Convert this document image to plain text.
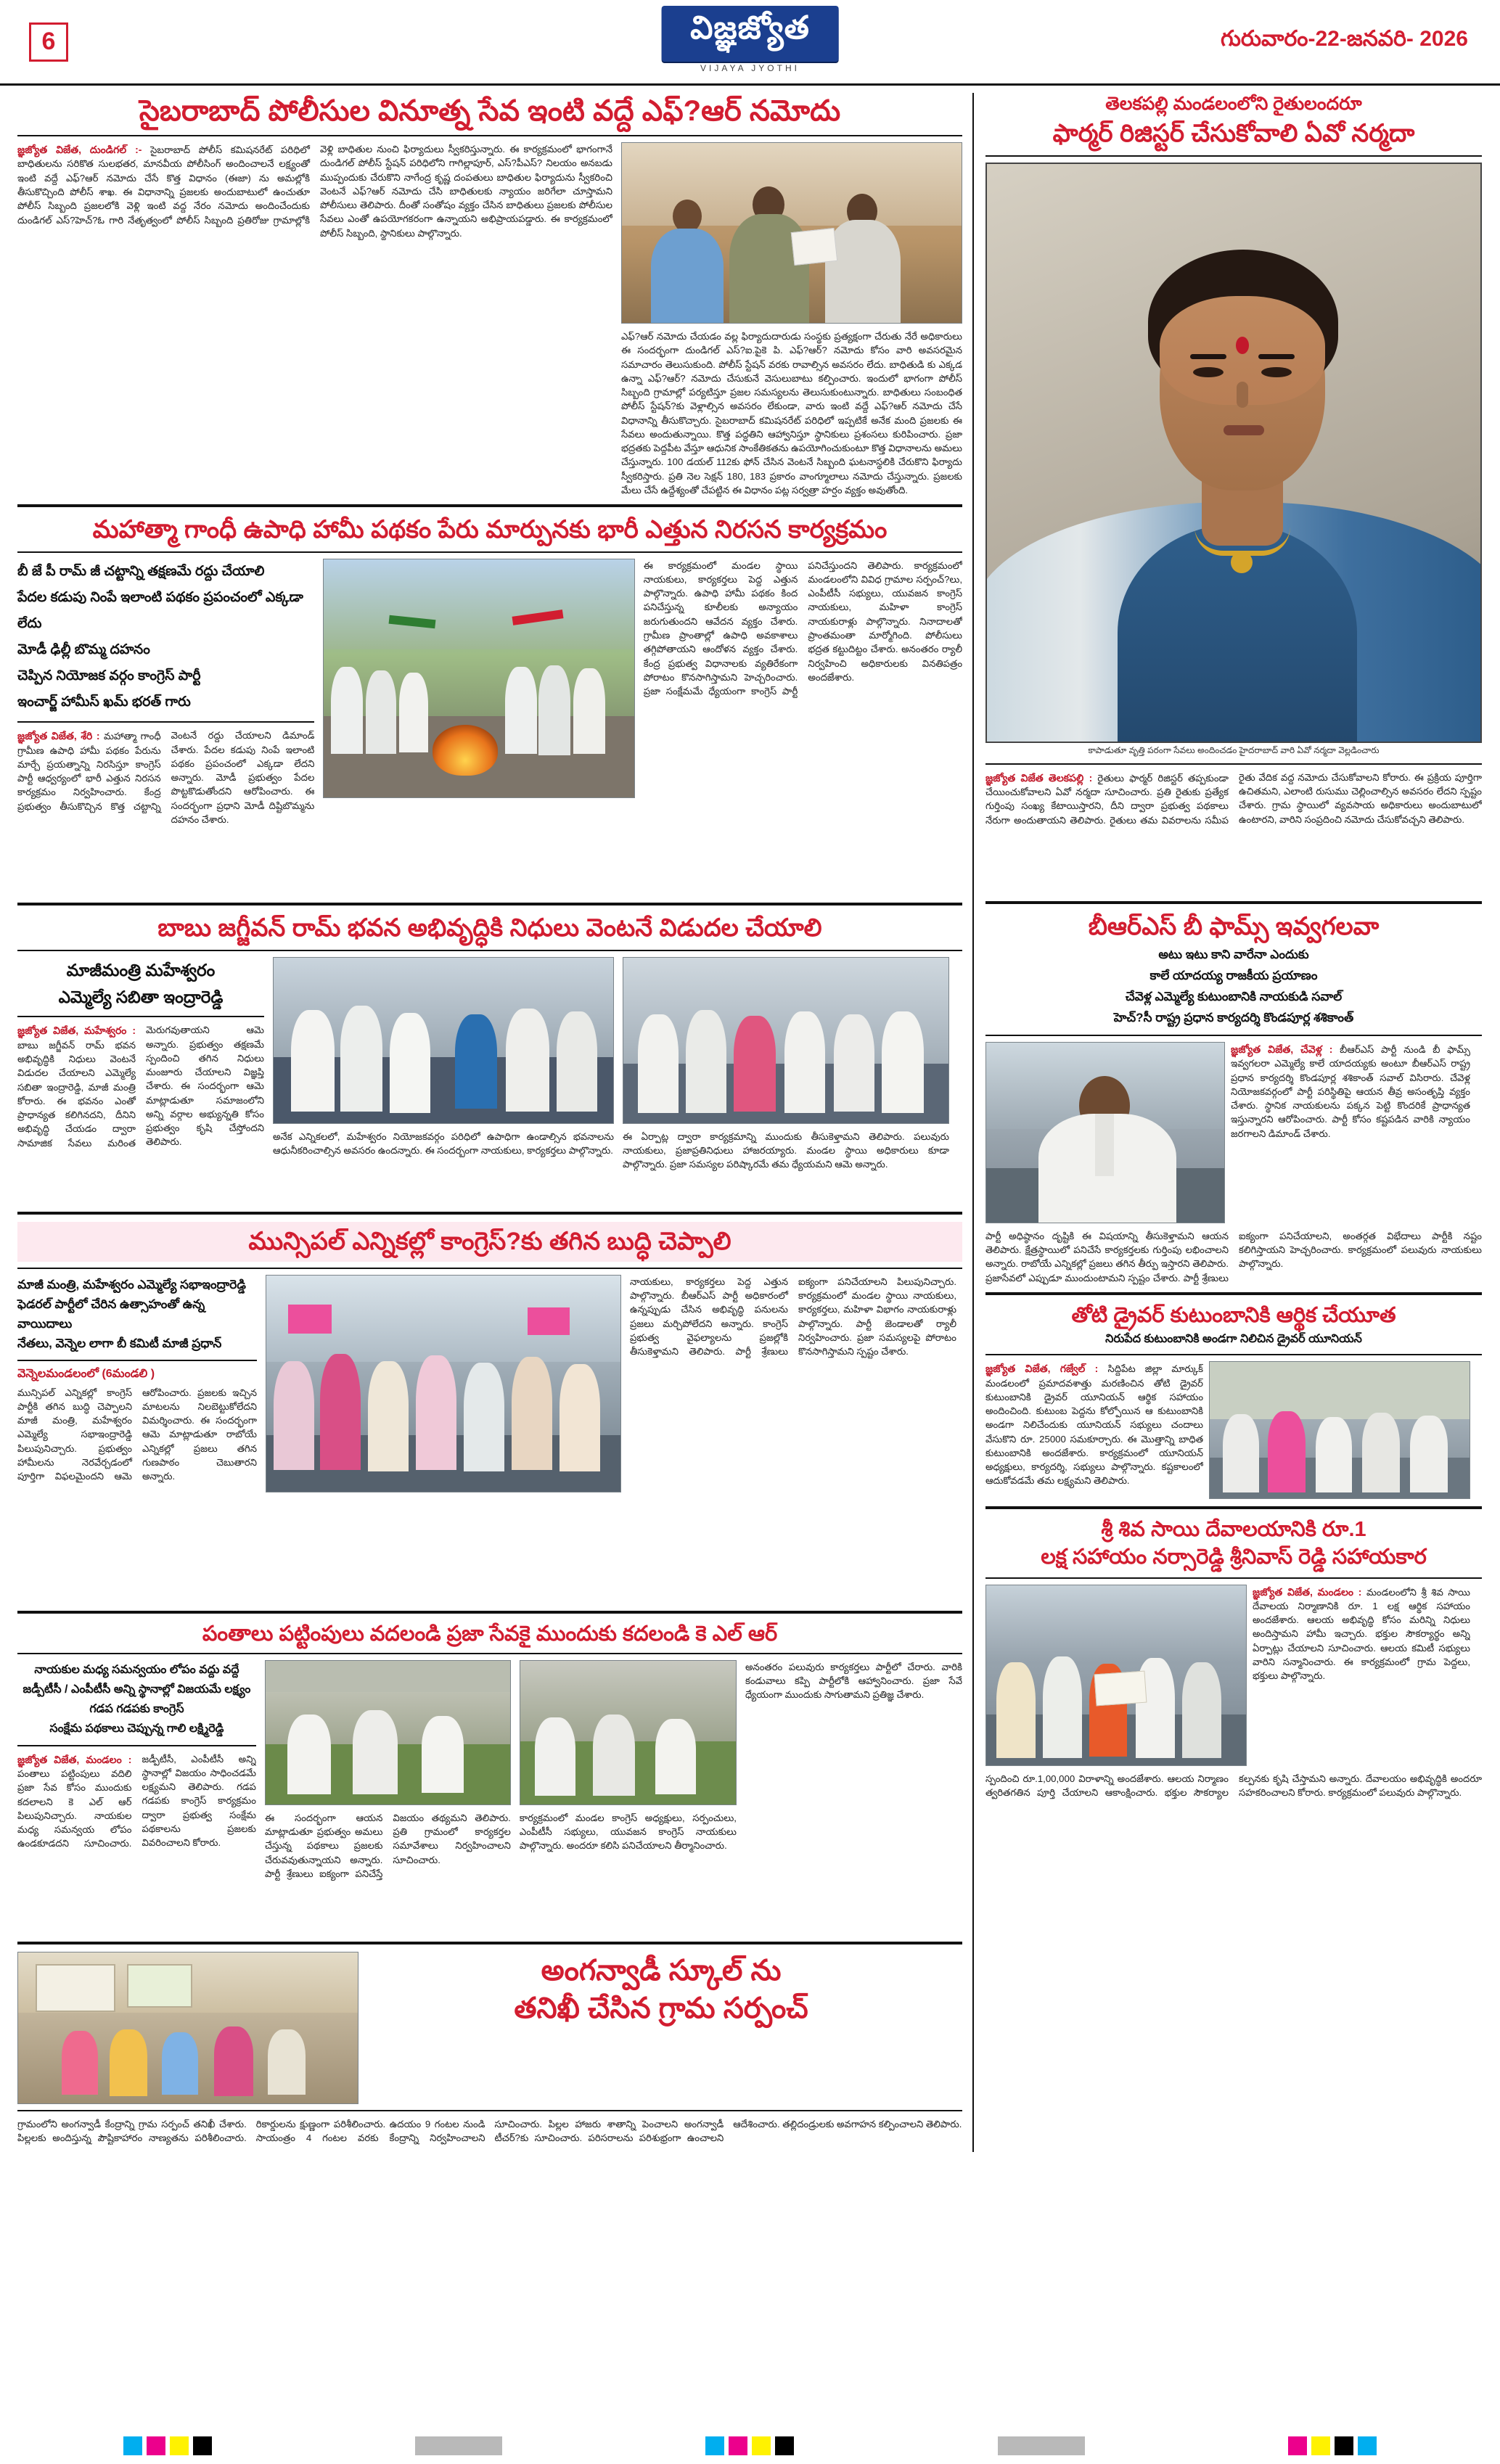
6	విజ్ఞజ్యోత
VIJAYA JYOTHI
గురువారం-22-జనవరి- 2026
సైబరాబాద్ పోలీసుల వినూత్న సేవ ఇంటి వద్దే ఎఫ్?ఆర్ నమోదు
జ్ఞజ్యోత విజేత, దుండిగల్ :- సైబరాబాద్ పోలీస్ కమిషనరేట్ పరిధిలో బాధితులను సరికొత సులభతర, మానవీయ పోలీసింగ్ అందించాలనే లక్ష్యంతో ఇంటి వద్దే ఎఫ్?ఆర్ నమోదు చేసే కొత్త విధానం (ఈజా) ను అమల్లోకి తీసుకొచ్చింది పోలీస్ శాఖ. ఈ విధానాన్ని ప్రజలకు అందుబాటులో ఉంచుతూ పోలీస్ సిబ్బంది ప్రజలలోకి వెళ్లి ఇంటి వద్ద నేరం నమోదు అందించేందుకు దుండిగల్ ఎస్?హెచ్?ఓ గారి నేతృత్వంలో పోలీస్ సిబ్బంది ప్రతిరోజు గ్రామాల్లోకి వెళ్లి బాధితుల నుంచి ఫిర్యాదులు స్వీకరిస్తున్నారు. ఈ కార్యక్రమంలో భాగంగానే దుండిగల్ పోలీస్ స్టేషన్ పరిధిలోని గాగిల్లాపూర్, ఎస్?పీఎస్? నిలయం అనబడు ముప్పందుకు చేరుకొని నాగేంద్ర కృష్ణ దంపతులు బాధితుల ఫిర్యాదును స్వీకరించి వెంటనే ఎఫ్?ఆర్ నమోదు చేసి బాధితులకు న్యాయం జరిగేలా చూస్తామని పోలీసులు తెలిపారు. దీంతో సంతోషం వ్యక్తం చేసిన బాధితులు ప్రజలకు పోలీసుల సేవలు ఎంతో ఉపయోగకరంగా ఉన్నాయని అభిప్రాయపడ్డారు. ఈ కార్యక్రమంలో పోలీస్ సిబ్బంది, స్థానికులు పాల్గొన్నారు.
ఎఫ్?ఆర్ నమోదు చేయడం వల్ల ఫిర్యాదుదారుడు సంస్థకు ప్రత్యక్షంగా చేరుతు నేరే అధికారులు ఈ సందర్భంగా దుండిగల్ ఎస్?ఐ.పైకె పి. ఎఫ్?ఆర్? నమోదు కోసం వారి అవసరమైన సమాచారం తెలుసుకుంది. పోలీస్ స్టేషన్ వరకు రావాల్సిన అవసరం లేదు. బాధితుడి కు ఎక్కడ ఉన్నా ఎఫ్?ఆర్? నమోదు చేసుకునే వెసులుబాటు కల్పించారు. ఇందులో భాగంగా పోలీస్ సిబ్బంది గ్రామాల్లో పర్యటిస్తూ ప్రజల సమస్యలను తెలుసుకుంటున్నారు. బాధితులు సంబంధిత పోలీస్ స్టేషన్?కు వెళ్లాల్సిన అవసరం లేకుండా, వారు ఇంటి వద్దే ఎఫ్?ఆర్ నమోదు చేసే విధానాన్ని తీసుకొచ్చారు. సైబరాబాద్ కమిషనరేట్ పరిధిలో ఇప్పటికే అనేక మంది ప్రజలకు ఈ సేవలు అందుతున్నాయి. కొత్త పద్ధతిని ఆహ్వానిస్తూ స్థానికులు ప్రశంసలు కురిపించారు. ప్రజా భద్రతకు పెద్దపీట వేస్తూ ఆధునిక సాంకేతికతను ఉపయోగించుకుంటూ కొత్త విధానాలను అమలు చేస్తున్నారు. 100 డయల్ 112కు ఫోన్ చేసిన వెంటనే సిబ్బంది ఘటనాస్థలికి చేరుకొని ఫిర్యాదు స్వీకరిస్తారు. ప్రతి నెల సెక్షన్ 180, 183 ప్రకారం వాంగ్మూలాలు నమోదు చేస్తున్నారు. ప్రజలకు మేలు చేసే ఉద్దేశ్యంతో చేపట్టిన ఈ విధానం పట్ల సర్వత్రా హర్షం వ్యక్తం అవుతోంది.
మహాత్మా గాంధీ ఉపాధి హామీ పథకం పేరు మార్పునకు భారీ ఎత్తున నిరసన కార్యక్రమం
బీ జే పీ రామ్ జీ చట్టాన్ని తక్షణమే రద్దు చేయాలి
పేదల కడుపు నింపే ఇలాంటి పథకం ప్రపంచంలో ఎక్కడా లేదు
మోడీ ఢిల్లీ బొమ్మ దహనం
చెప్పిన నియోజక వర్గం కాంగ్రెస్ పార్టీ
ఇంచార్జ్ హామీస్ ఖమ్ భరత్ గారు
జ్ఞజ్యోత విజేత, శేరి : మహాత్మా గాంధీ గ్రామీణ ఉపాధి హామీ పథకం పేరును మార్చే ప్రయత్నాన్ని నిరసిస్తూ కాంగ్రెస్ పార్టీ ఆధ్వర్యంలో భారీ ఎత్తున నిరసన కార్యక్రమం నిర్వహించారు. కేంద్ర ప్రభుత్వం తీసుకొచ్చిన కొత్త చట్టాన్ని వెంటనే రద్దు చేయాలని డిమాండ్ చేశారు. పేదల కడుపు నింపే ఇలాంటి పథకం ప్రపంచంలో ఎక్కడా లేదని అన్నారు. మోడీ ప్రభుత్వం పేదల పొట్టకొడుతోందని ఆరోపించారు. ఈ సందర్భంగా ప్రధాని మోడీ దిష్టిబొమ్మను దహనం చేశారు.
ఈ కార్యక్రమంలో మండల స్థాయి నాయకులు, కార్యకర్తలు పెద్ద ఎత్తున పాల్గొన్నారు. ఉపాధి హామీ పథకం కింద పనిచేస్తున్న కూలీలకు అన్యాయం జరుగుతుందని ఆవేదన వ్యక్తం చేశారు. గ్రామీణ ప్రాంతాల్లో ఉపాధి అవకాశాలు తగ్గిపోతాయని ఆందోళన వ్యక్తం చేశారు. కేంద్ర ప్రభుత్వ విధానాలకు వ్యతిరేకంగా పోరాటం కొనసాగిస్తామని హెచ్చరించారు. ప్రజా సంక్షేమమే ధ్యేయంగా కాంగ్రెస్ పార్టీ పనిచేస్తుందని తెలిపారు. కార్యక్రమంలో మండలంలోని వివిధ గ్రామాల సర్పంచ్?లు, ఎంపీటీసీ సభ్యులు, యువజన కాంగ్రెస్ నాయకులు, మహిళా కాంగ్రెస్ నాయకురాళ్లు పాల్గొన్నారు. నినాదాలతో ప్రాంతమంతా మార్మోగింది. పోలీసులు భద్రత కట్టుదిట్టం చేశారు. అనంతరం ర్యాలీ నిర్వహించి అధికారులకు వినతిపత్రం అందజేశారు.
బాబు జగ్జీవన్ రామ్ భవన అభివృద్ధికి నిధులు వెంటనే విడుదల చేయాలి
మాజీమంత్రి మహేశ్వరం
ఎమ్మెల్యే సబితా ఇంద్రారెడ్డి
జ్ఞజ్యోత విజేత, మహేశ్వరం : బాబు జగ్జీవన్ రామ్ భవన అభివృద్ధికి నిధులు వెంటనే విడుదల చేయాలని ఎమ్మెల్యే సబితా ఇంద్రారెడ్డి, మాజీ మంత్రి కోరారు. ఈ భవనం ఎంతో ప్రాధాన్యత కలిగినదని, దీనిని అభివృద్ధి చేయడం ద్వారా సామాజిక సేవలు మరింత మెరుగవుతాయని ఆమె అన్నారు. ప్రభుత్వం తక్షణమే స్పందించి తగిన నిధులు మంజూరు చేయాలని విజ్ఞప్తి చేశారు. ఈ సందర్భంగా ఆమె మాట్లాడుతూ సమాజంలోని అన్ని వర్గాల అభ్యున్నతి కోసం ప్రభుత్వం కృషి చేస్తోందని తెలిపారు.
అనేక ఎన్నికలలో, మహేశ్వరం నియోజకవర్గం పరిధిలో ఉపాధిగా ఉండాల్సిన భవనాలను ఆధునీకరించాల్సిన అవసరం ఉందన్నారు. ఈ సందర్భంగా నాయకులు, కార్యకర్తలు పాల్గొన్నారు.
ఈ ఏర్పాట్ల ద్వారా కార్యక్రమాన్ని ముందుకు తీసుకెళ్తామని తెలిపారు. పలువురు నాయకులు, ప్రజాప్రతినిధులు హాజరయ్యారు. మండల స్థాయి అధికారులు కూడా పాల్గొన్నారు. ప్రజా సమస్యల పరిష్కారమే తమ ధ్యేయమని ఆమె అన్నారు.
మున్సిపల్ ఎన్నికల్లో కాంగ్రెస్?కు తగిన బుద్ధి చెప్పాలి
మాజీ మంత్రి, మహేశ్వరం ఎమ్మెల్యే సభాఇంద్రారెడ్డి
ఫెడరల్ పార్టీలో చేరిన ఉత్సాహంతో ఉన్న వాయిదాలు
నేతలు, వెన్నెల లాగా బీ కమిటీ మాజీ ప్రధాన్
వెన్నెలమండలంలో (6మండలి )
మున్సిపల్ ఎన్నికల్లో కాంగ్రెస్ పార్టీకి తగిన బుద్ధి చెప్పాలని మాజీ మంత్రి, మహేశ్వరం ఎమ్మెల్యే సభాఇంద్రారెడ్డి పిలుపునిచ్చారు. ప్రభుత్వం హామీలను నెరవేర్చడంలో పూర్తిగా విఫలమైందని ఆమె ఆరోపించారు. ప్రజలకు ఇచ్చిన మాటలను నిలబెట్టుకోలేదని విమర్శించారు. ఈ సందర్భంగా ఆమె మాట్లాడుతూ రాబోయే ఎన్నికల్లో ప్రజలు తగిన గుణపాఠం చెబుతారని అన్నారు.
నాయకులు, కార్యకర్తలు పెద్ద ఎత్తున పాల్గొన్నారు. బీఆర్ఎస్ పార్టీ అధికారంలో ఉన్నప్పుడు చేసిన అభివృద్ధి పనులను ప్రజలు మర్చిపోలేదని అన్నారు. కాంగ్రెస్ ప్రభుత్వ వైఫల్యాలను ప్రజల్లోకి తీసుకెళ్తామని తెలిపారు. పార్టీ శ్రేణులు ఐక్యంగా పనిచేయాలని పిలుపునిచ్చారు. కార్యక్రమంలో మండల స్థాయి నాయకులు, కార్యకర్తలు, మహిళా విభాగం నాయకురాళ్లు పాల్గొన్నారు. పార్టీ జెండాలతో ర్యాలీ నిర్వహించారు. ప్రజా సమస్యలపై పోరాటం కొనసాగిస్తామని స్పష్టం చేశారు.
పంతాలు పట్టింపులు వదలండి ప్రజా సేవకై ముందుకు కదలండి కె ఎల్ ఆర్
నాయకుల మధ్య సమన్వయం లోపం వద్దు వద్దే
జడ్పీటీసీ / ఎంపీటీసీ అన్ని స్థానాల్లో విజయమే లక్ష్యం
గడప గడపకు కాంగ్రెస్
సంక్షేమ పథకాలు చెప్పున్న గాలి లక్ష్మిరెడ్డి
జ్ఞజ్యోత విజేత, మండలం : పంతాలు పట్టింపులు వదిలి ప్రజా సేవ కోసం ముందుకు కదలాలని కె ఎల్ ఆర్ పిలుపునిచ్చారు. నాయకుల మధ్య సమన్వయ లోపం ఉండకూడదని సూచించారు. జడ్పీటీసీ, ఎంపీటీసీ అన్ని స్థానాల్లో విజయం సాధించడమే లక్ష్యమని తెలిపారు. గడప గడపకు కాంగ్రెస్ కార్యక్రమం ద్వారా ప్రభుత్వ సంక్షేమ పథకాలను ప్రజలకు వివరించాలని కోరారు.
ఈ సందర్భంగా ఆయన మాట్లాడుతూ ప్రభుత్వం అమలు చేస్తున్న పథకాలు ప్రజలకు చేరువవుతున్నాయని అన్నారు. పార్టీ శ్రేణులు ఐక్యంగా పనిచేస్తే విజయం తథ్యమని తెలిపారు. ప్రతి గ్రామంలో కార్యకర్తల సమావేశాలు నిర్వహించాలని సూచించారు.
కార్యక్రమంలో మండల కాంగ్రెస్ అధ్యక్షులు, సర్పంచులు, ఎంపీటీసీ సభ్యులు, యువజన కాంగ్రెస్ నాయకులు పాల్గొన్నారు. అందరూ కలిసి పనిచేయాలని తీర్మానించారు.
అనంతరం పలువురు కార్యకర్తలు పార్టీలో చేరారు. వారికి కండువాలు కప్పి పార్టీలోకి ఆహ్వానించారు. ప్రజా సేవే ధ్యేయంగా ముందుకు సాగుతామని ప్రతిజ్ఞ చేశారు.
అంగన్వాడీ స్కూల్ ను
తనిఖీ చేసిన గ్రామ సర్పంచ్
గ్రామంలోని అంగన్వాడీ కేంద్రాన్ని గ్రామ సర్పంచ్ తనిఖీ చేశారు. పిల్లలకు అందిస్తున్న పౌష్టికాహారం నాణ్యతను పరిశీలించారు. రికార్డులను క్షుణ్ణంగా పరిశీలించారు. ఉదయం 9 గంటల నుండి సాయంత్రం 4 గంటల వరకు కేంద్రాన్ని నిర్వహించాలని సూచించారు. పిల్లల హాజరు శాతాన్ని పెంచాలని అంగన్వాడీ టీచర్?కు సూచించారు. పరిసరాలను పరిశుభ్రంగా ఉంచాలని ఆదేశించారు. తల్లిదండ్రులకు అవగాహన కల్పించాలని తెలిపారు.
తెలకపల్లి మండలంలోని రైతులందరూ
ఫార్మర్ రిజిస్టర్ చేసుకోవాలి ఏవో నర్మదా
కాపాడుతూ వృత్తి పరంగా సేవలు అందించడం హైదరాబాద్ వారి ఏవో నర్మదా వెల్లడించారు
జ్ఞజ్యోత విజేత తెలకపల్లి : రైతులు ఫార్మర్ రిజిస్టర్ తప్పకుండా చేయించుకోవాలని ఏవో నర్మదా సూచించారు. ప్రతి రైతుకు ప్రత్యేక గుర్తింపు సంఖ్య కేటాయిస్తారని, దీని ద్వారా ప్రభుత్వ పథకాలు నేరుగా అందుతాయని తెలిపారు. రైతులు తమ వివరాలను సమీప రైతు వేదిక వద్ద నమోదు చేసుకోవాలని కోరారు. ఈ ప్రక్రియ పూర్తిగా ఉచితమని, ఎలాంటి రుసుము చెల్లించాల్సిన అవసరం లేదని స్పష్టం చేశారు. గ్రామ స్థాయిలో వ్యవసాయ అధికారులు అందుబాటులో ఉంటారని, వారిని సంప్రదించి నమోదు చేసుకోవచ్చని తెలిపారు.
బీఆర్ఎస్ బీ ఫామ్స్ ఇవ్వగలవా
అటు ఇటు కాని వారేనా ఎందుకు
కాలే యాదయ్య రాజకీయ ప్రయాణం
చేవెళ్ల ఎమ్మెల్యే కుటుంబానికి నాయకుడి సవాల్
హెచ్?సీ రాష్ట్ర ప్రధాన కార్యదర్శి కొండపూర్ల శశికాంత్
జ్ఞజ్యోత విజేత, చేవెళ్ల : బీఆర్ఎస్ పార్టీ నుండి బీ ఫామ్స్ ఇవ్వగలరా ఎమ్మెల్యే కాలే యాదయ్యకు అంటూ బీఆర్ఎస్ రాష్ట్ర ప్రధాన కార్యదర్శి కొండపూర్ల శశికాంత్ సవాల్ విసిరారు. చేవెళ్ల నియోజకవర్గంలో పార్టీ పరిస్థితిపై ఆయన తీవ్ర అసంతృప్తి వ్యక్తం చేశారు. స్థానిక నాయకులను పక్కన పెట్టి కొందరికే ప్రాధాన్యత ఇస్తున్నారని ఆరోపించారు. పార్టీ కోసం కష్టపడిన వారికి న్యాయం జరగాలని డిమాండ్ చేశారు.
పార్టీ అధిష్ఠానం దృష్టికి ఈ విషయాన్ని తీసుకెళ్తామని ఆయన తెలిపారు. క్షేత్రస్థాయిలో పనిచేసే కార్యకర్తలకు గుర్తింపు లభించాలని అన్నారు. రాబోయే ఎన్నికల్లో ప్రజలు తగిన తీర్పు ఇస్తారని తెలిపారు. ప్రజాసేవలో ఎప్పుడూ ముందుంటామని స్పష్టం చేశారు. పార్టీ శ్రేణులు ఐక్యంగా పనిచేయాలని, అంతర్గత విభేదాలు పార్టీకి నష్టం కలిగిస్తాయని హెచ్చరించారు. కార్యక్రమంలో పలువురు నాయకులు పాల్గొన్నారు.
తోటి డ్రైవర్ కుటుంబానికి ఆర్థిక చేయూత
నిరుపేద కుటుంబానికి అండగా నిలిచిన డ్రైవర్ యూనియన్
జ్ఞజ్యోత విజేత, గజ్వేల్ : సిద్దిపేట జిల్లా మార్కుక్ మండలంలో ప్రమాదవశాత్తు మరణించిన తోటి డ్రైవర్ కుటుంబానికి డ్రైవర్ యూనియన్ ఆర్థిక సహాయం అందించింది. కుటుంబ పెద్దను కోల్పోయిన ఆ కుటుంబానికి అండగా నిలిచేందుకు యూనియన్ సభ్యులు చందాలు వేసుకొని రూ. 25000 సమకూర్చారు. ఈ మొత్తాన్ని బాధిత కుటుంబానికి అందజేశారు. కార్యక్రమంలో యూనియన్ అధ్యక్షులు, కార్యదర్శి, సభ్యులు పాల్గొన్నారు. కష్టకాలంలో ఆదుకోవడమే తమ లక్ష్యమని తెలిపారు.
శ్రీ శివ సాయి దేవాలయానికి రూ.1
లక్ష సహాయం నర్సారెడ్డి శ్రీనివాస్ రెడ్డి సహాయకార
జ్ఞజ్యోత విజేత, మండలం : మండలంలోని శ్రీ శివ సాయి దేవాలయ నిర్మాణానికి రూ. 1 లక్ష ఆర్థిక సహాయం అందజేశారు. ఆలయ అభివృద్ధి కోసం మరిన్ని నిధులు అందిస్తామని హామీ ఇచ్చారు. భక్తుల సౌకర్యార్థం అన్ని ఏర్పాట్లు చేయాలని సూచించారు. ఆలయ కమిటీ సభ్యులు వారిని సన్మానించారు. ఈ కార్యక్రమంలో గ్రామ పెద్దలు, భక్తులు పాల్గొన్నారు.
స్పందించి రూ.1,00,000 విరాళాన్ని అందజేశారు. ఆలయ నిర్మాణం త్వరితగతిన పూర్తి చేయాలని ఆకాంక్షించారు. భక్తుల సౌకర్యాల కల్పనకు కృషి చేస్తామని అన్నారు. దేవాలయం అభివృద్ధికి అందరూ సహకరించాలని కోరారు. కార్యక్రమంలో పలువురు పాల్గొన్నారు.
